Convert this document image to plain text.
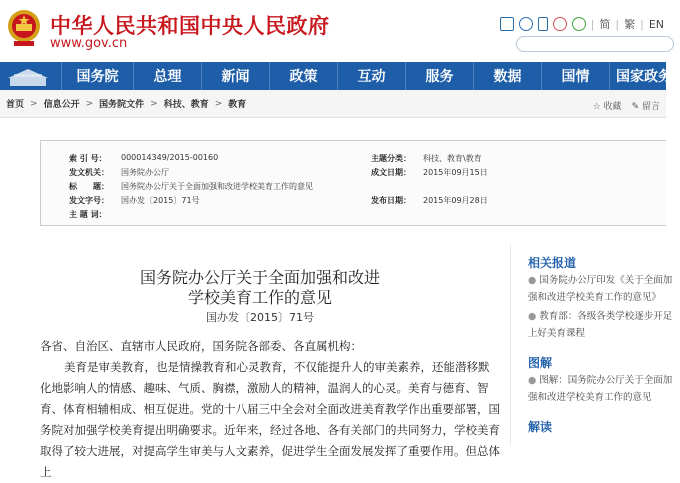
中华人民共和国中央人民政府
www.gov.cn
| 简 | 繁 | EN
国务院	总理	新闻	政策	互动	服务	数据	国情	国家政务
首页 > 信息公开 > 国务院文件 > 科技、教育 > 教育	☆ 收藏 ✎ 留言
索 引 号： 000014349/2015-00160	主题分类： 科技、教育\教育
发文机关： 国务院办公厅	成文日期： 2015年09月15日
标　　题： 国务院办公厅关于全面加强和改进学校美育工作的意见
发文字号： 国办发〔2015〕71号	发布日期： 2015年09月28日
主 题 词：
国务院办公厅关于全面加强和改进
学校美育工作的意见
国办发〔2015〕71号

各省、自治区、直辖市人民政府，国务院各部委、各直属机构：

美育是审美教育，也是情操教育和心灵教育，不仅能提升人的审美素养，还能潜移默化地影响人的情感、趣味、气质、胸襟，激励人的精神，温润人的心灵。美育与德育、智育、体育相辅相成、相互促进。党的十八届三中全会对全面改进美育教学作出重要部署，国务院对加强学校美育提出明确要求。近年来，经过各地、各有关部门的共同努力，学校美育取得了较大进展，对提高学生审美与人文素养，促进学生全面发展发挥了重要作用。但总体上

相关报道
● 国务院办公厅印发《关于全面加强和改进学校美育工作的意见》
● 教育部：各级各类学校逐步开足上好美育课程
图解
● 图解：国务院办公厅关于全面加强和改进学校美育工作的意见
解读
